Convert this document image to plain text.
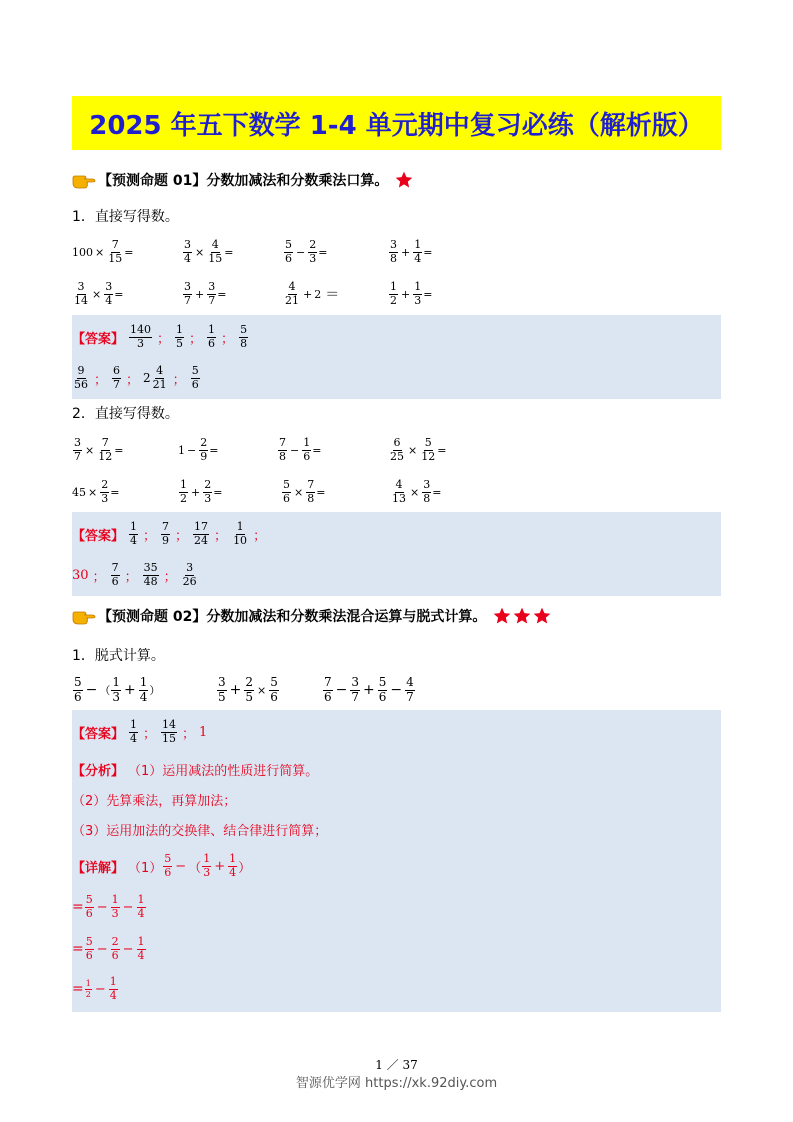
2025 年五下数学 1-4 单元期中复习必练（解析版）
【预测命题 01】分数加减法和分数乘法口算。
1．直接写得数。
$100 \times \frac{7}{15}$ =	$\frac{3}{4} \times \frac{4}{15}$ =	$\frac{5}{6} - \frac{2}{3}$ =	$\frac{3}{8} + \frac{1}{4}$ =
$\frac{3}{14} \times \frac{3}{4}$ =	$\frac{3}{7} + \frac{3}{7}$ =	$\frac{4}{21} + 2$ ＝	$\frac{1}{2} + \frac{1}{3}$ =
【答案】 $\frac{140}{3}$ ； $\frac{1}{5}$ ； $\frac{1}{6}$ ； $\frac{5}{8}$
$\frac{9}{56}$ ； $\frac{6}{7}$ ； $2 \frac{4}{21}$ ； $\frac{5}{6}$
2．直接写得数。
$\frac{3}{7} \times \frac{7}{12}$ =	$1 - \frac{2}{9}$ =	$\frac{7}{8} - \frac{1}{6}$ =	$\frac{6}{25} \times \frac{5}{12}$ =
$45 \times \frac{2}{3}$ =	$\frac{1}{2} + \frac{2}{3}$ =	$\frac{5}{6} \times \frac{7}{8}$ =	$\frac{4}{13} \times \frac{3}{8}$ =
【答案】 $\frac{1}{4}$ ； $\frac{7}{9}$ ； $\frac{17}{24}$ ； $\frac{1}{10}$ ；
30 ； $\frac{7}{6}$ ； $\frac{35}{48}$ ； $\frac{3}{26}$
【预测命题 02】分数加减法和分数乘法混合运算与脱式计算。
1．脱式计算。
$\frac{5}{6}$ − （ $\frac{1}{3} + \frac{1}{4}$ ）	$\frac{3}{5} + \frac{2}{5} \times \frac{5}{6}$	$\frac{7}{6} - \frac{3}{7} + \frac{5}{6} - \frac{4}{7}$
【答案】 $\frac{1}{4}$ ； $\frac{14}{15}$ ； 1
【分析】 （1）运用减法的性质进行简算。
（2）先算乘法，再算加法；
（3）运用加法的交换律、结合律进行简算；
【详解】 $(1) \frac{5}{6}$ − （ $\frac{1}{3} + \frac{1}{4}$ ）
= $\frac{5}{6} - \frac{1}{3} - \frac{1}{4}$
= $\frac{5}{6} - \frac{2}{6} - \frac{1}{4}$
= $\frac{1}{2} - \frac{1}{4}$
1 ／ 37
智源优学网 https://xk.92diy.com
